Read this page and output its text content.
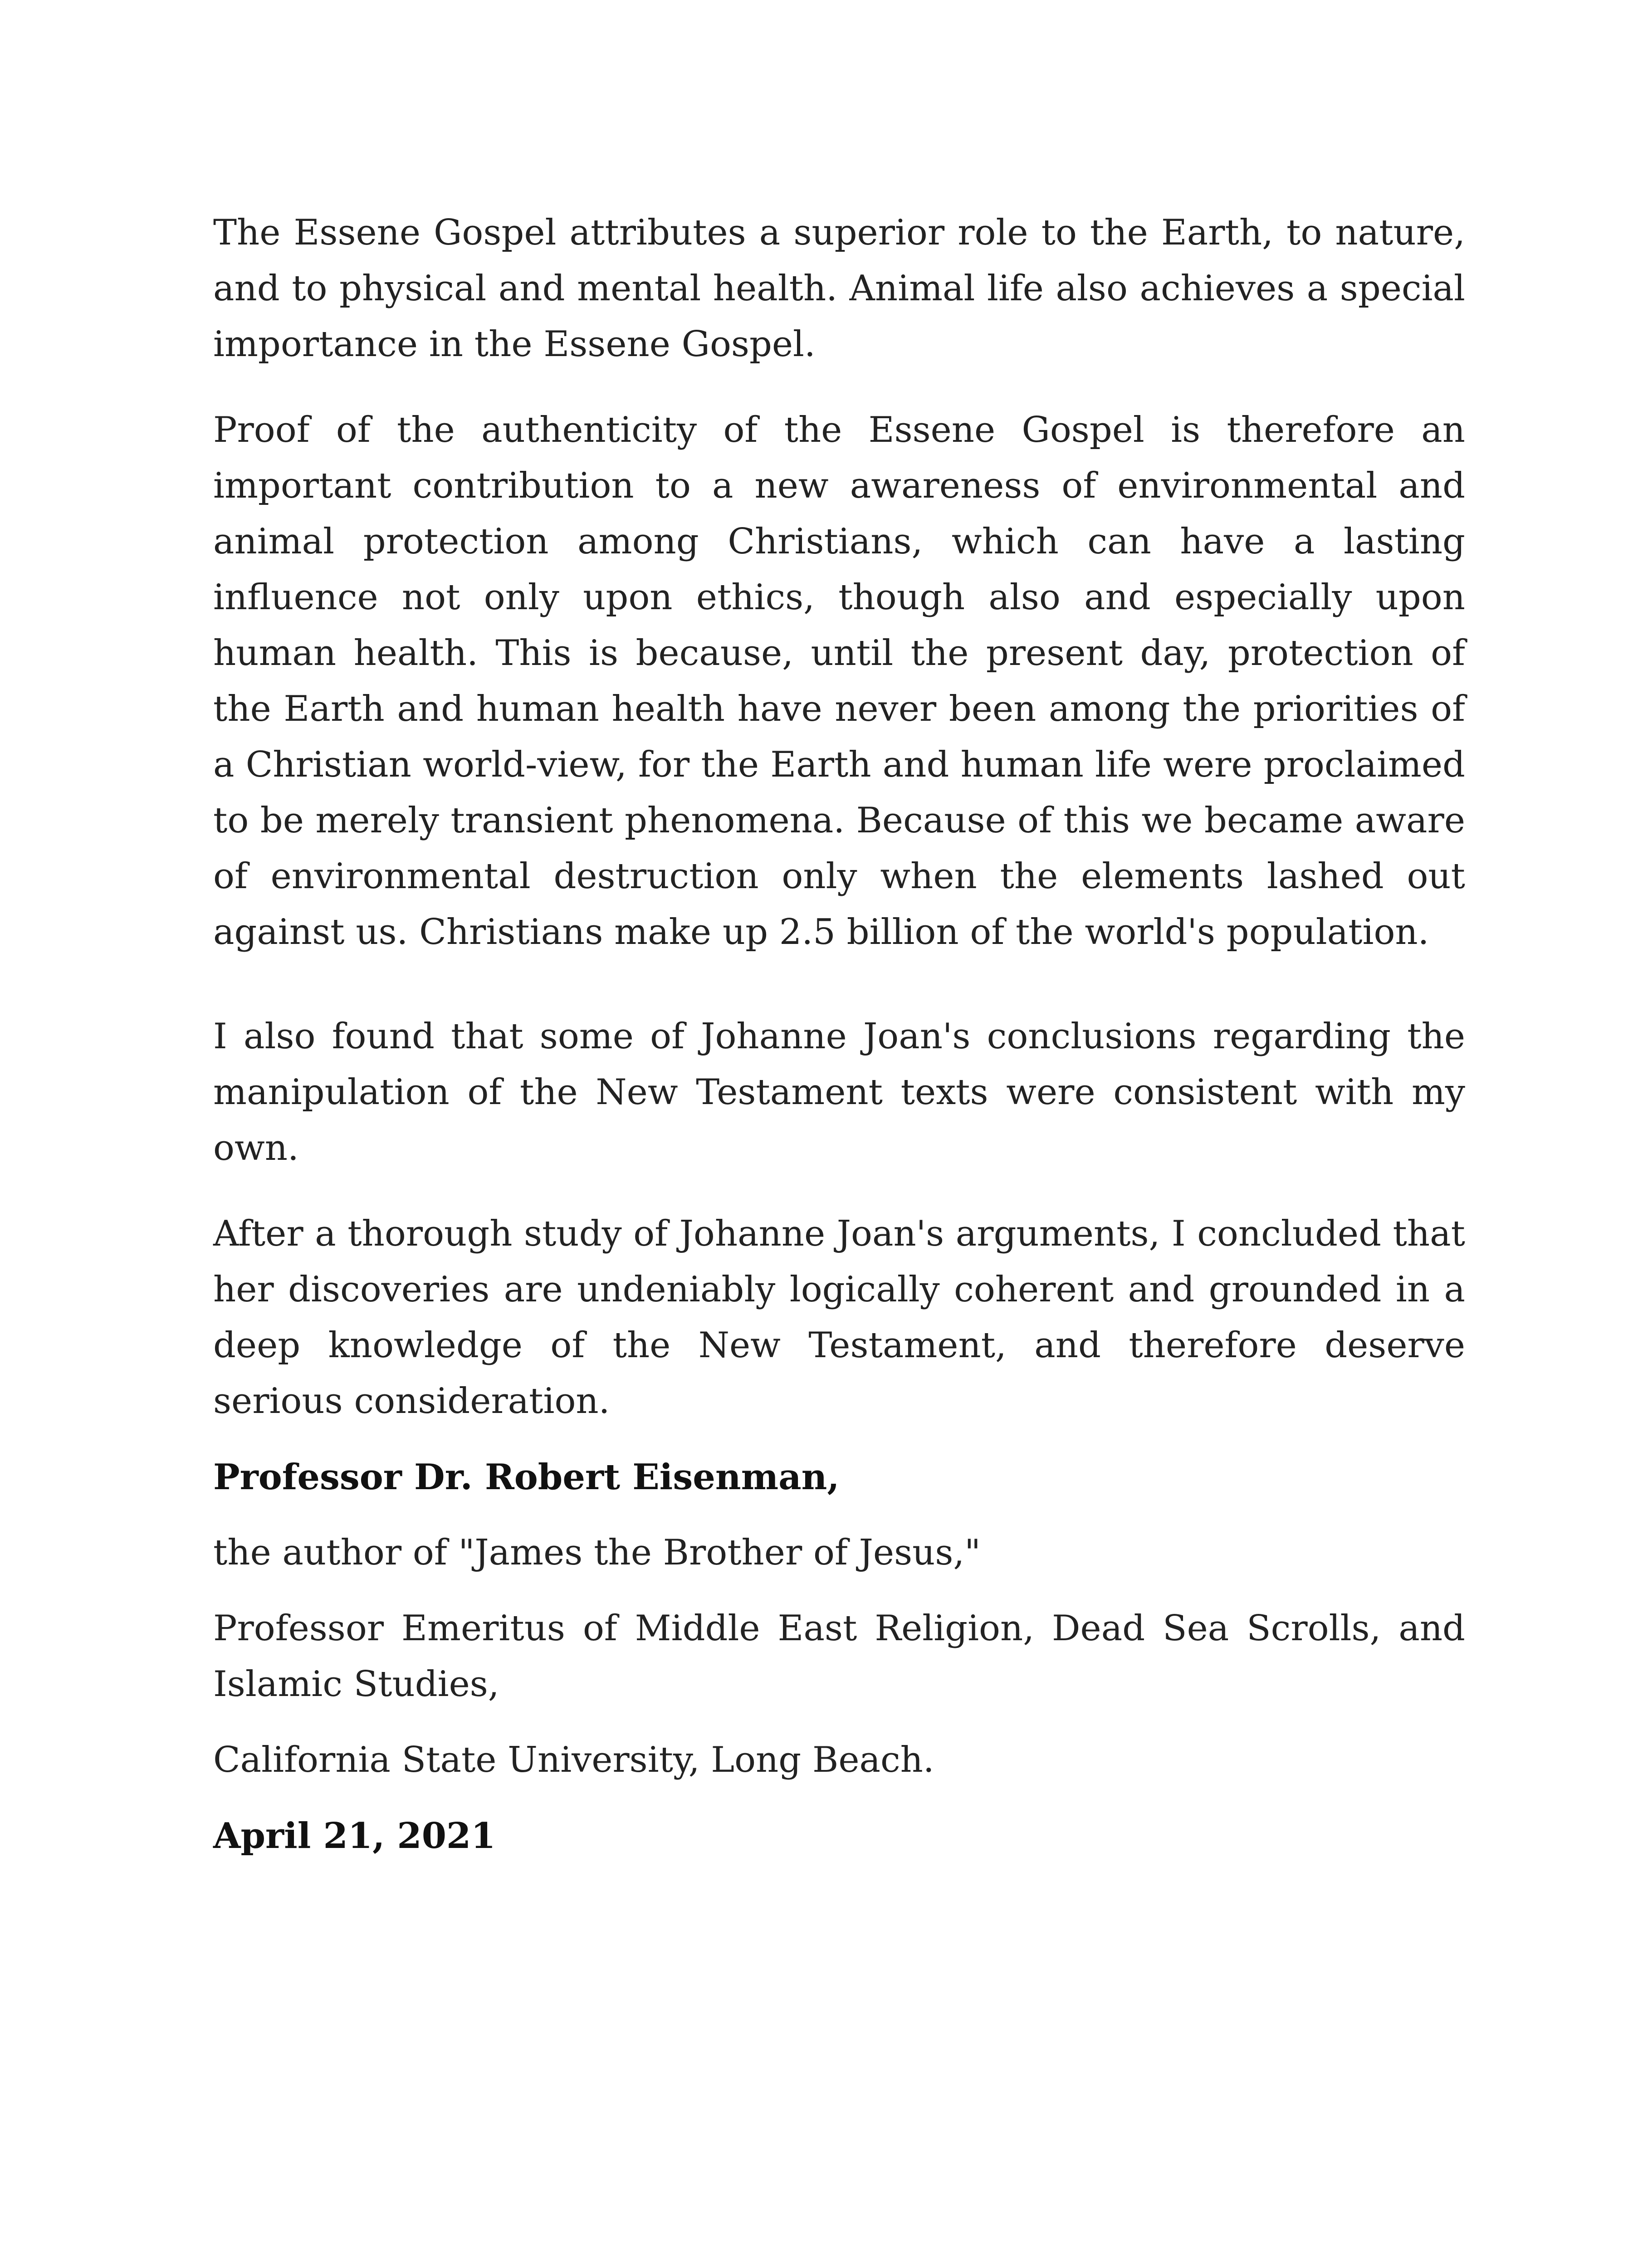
The Essene Gospel attributes a superior role to the Earth, to nature, and to physical and mental health. Animal life also achieves a special importance in the Essene Gospel.

Proof of the authenticity of the Essene Gospel is therefore an important contribution to a new awareness of environmental and animal protection among Christians, which can have a lasting influence not only upon ethics, though also and especially upon human health. This is because, until the present day, protection of the Earth and human health have never been among the priorities of a Christian world-view, for the Earth and human life were proclaimed to be merely transient phenomena. Because of this we became aware of environmental destruction only when the elements lashed out against us. Christians make up 2.5 billion of the world's population.

I also found that some of Johanne Joan's conclusions regarding the manipulation of the New Testament texts were consistent with my own.

After a thorough study of Johanne Joan's arguments, I concluded that her discoveries are undeniably logically coherent and grounded in a deep knowledge of the New Testament, and therefore deserve serious consideration.

Professor Dr. Robert Eisenman,

the author of "James the Brother of Jesus,"

Professor Emeritus of Middle East Religion, Dead Sea Scrolls, and Islamic Studies,

California State University, Long Beach.

April 21, 2021
